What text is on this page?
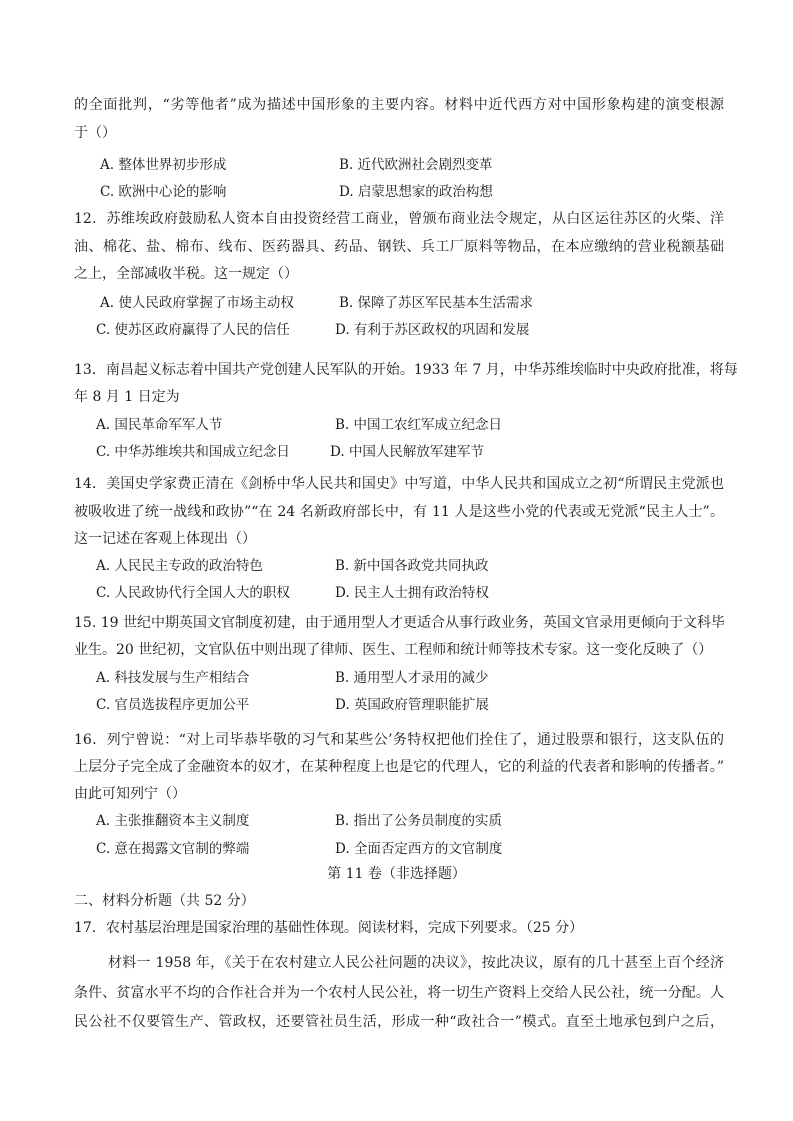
的全面批判，“劣等他者”成为描述中国形象的主要内容。材料中近代西方对中国形象构建的演变根源
于（）
A. 整体世界初步形成	B. 近代欧洲社会剧烈变革
C. 欧洲中心论的影响	D. 启蒙思想家的政治构想
12．苏维埃政府鼓励私人资本自由投资经营工商业，曾颁布商业法令规定，从白区运往苏区的火柴、洋
油、棉花、盐、棉布、线布、医药器具、药品、钢铁、兵工厂原料等物品，在本应缴纳的营业税额基础
之上，全部减收半税。这一规定（）
A. 使人民政府掌握了市场主动权	B. 保障了苏区军民基本生活需求
C. 使苏区政府赢得了人民的信任	D. 有利于苏区政权的巩固和发展
13．南昌起义标志着中国共产党创建人民军队的开始。1933 年 7 月，中华苏维埃临时中央政府批准，将每
年 8 月 1 日定为
A. 国民革命军军人节	B. 中国工农红军成立纪念日
C. 中华苏维埃共和国成立纪念日	D. 中国人民解放军建军节
14．美国史学家费正清在《剑桥中华人民共和国史》中写道，中华人民共和国成立之初“所谓民主党派也
被吸收进了统一战线和政协”“在 24 名新政府部长中，有 11 人是这些小党的代表或无党派“民主人士”。
这一记述在客观上体现出（）
A. 人民民主专政的政治特色	B. 新中国各政党共同执政
C. 人民政协代行全国人大的职权	D. 民主人士拥有政治特权
15. 19 世纪中期英国文官制度初建，由于通用型人才更适合从事行政业务，英国文官录用更倾向于文科毕
业生。20 世纪初，文官队伍中则出现了律师、医生、工程师和统计师等技术专家。这一变化反映了（）
A. 科技发展与生产相结合	B. 通用型人才录用的减少
C. 官员选拔程序更加公平	D. 英国政府管理职能扩展
16．列宁曾说：“对上司毕恭毕敬的习气和某些公’务特权把他们拴住了，通过股票和银行，这支队伍的
上层分子完全成了金融资本的奴才，在某种程度上也是它的代理人，它的利益的代表者和影响的传播者。”
由此可知列宁（）
A. 主张推翻资本主义制度	B. 指出了公务员制度的实质
C. 意在揭露文官制的弊端	D. 全面否定西方的文官制度
第 11 卷（非选择题）
二、材料分析题（共 52 分）
17．农村基层治理是国家治理的基础性体现。阅读材料，完成下列要求。（25 分）
材料一 1958 年，《关于在农村建立人民公社问题的决议》，按此决议，原有的几十甚至上百个经济
条件、贫富水平不均的合作社合并为一个农村人民公社，将一切生产资料上交给人民公社，统一分配。人
民公社不仅要管生产、管政权，还要管社员生活，形成一种“政社合一”模式。直至土地承包到户之后，
